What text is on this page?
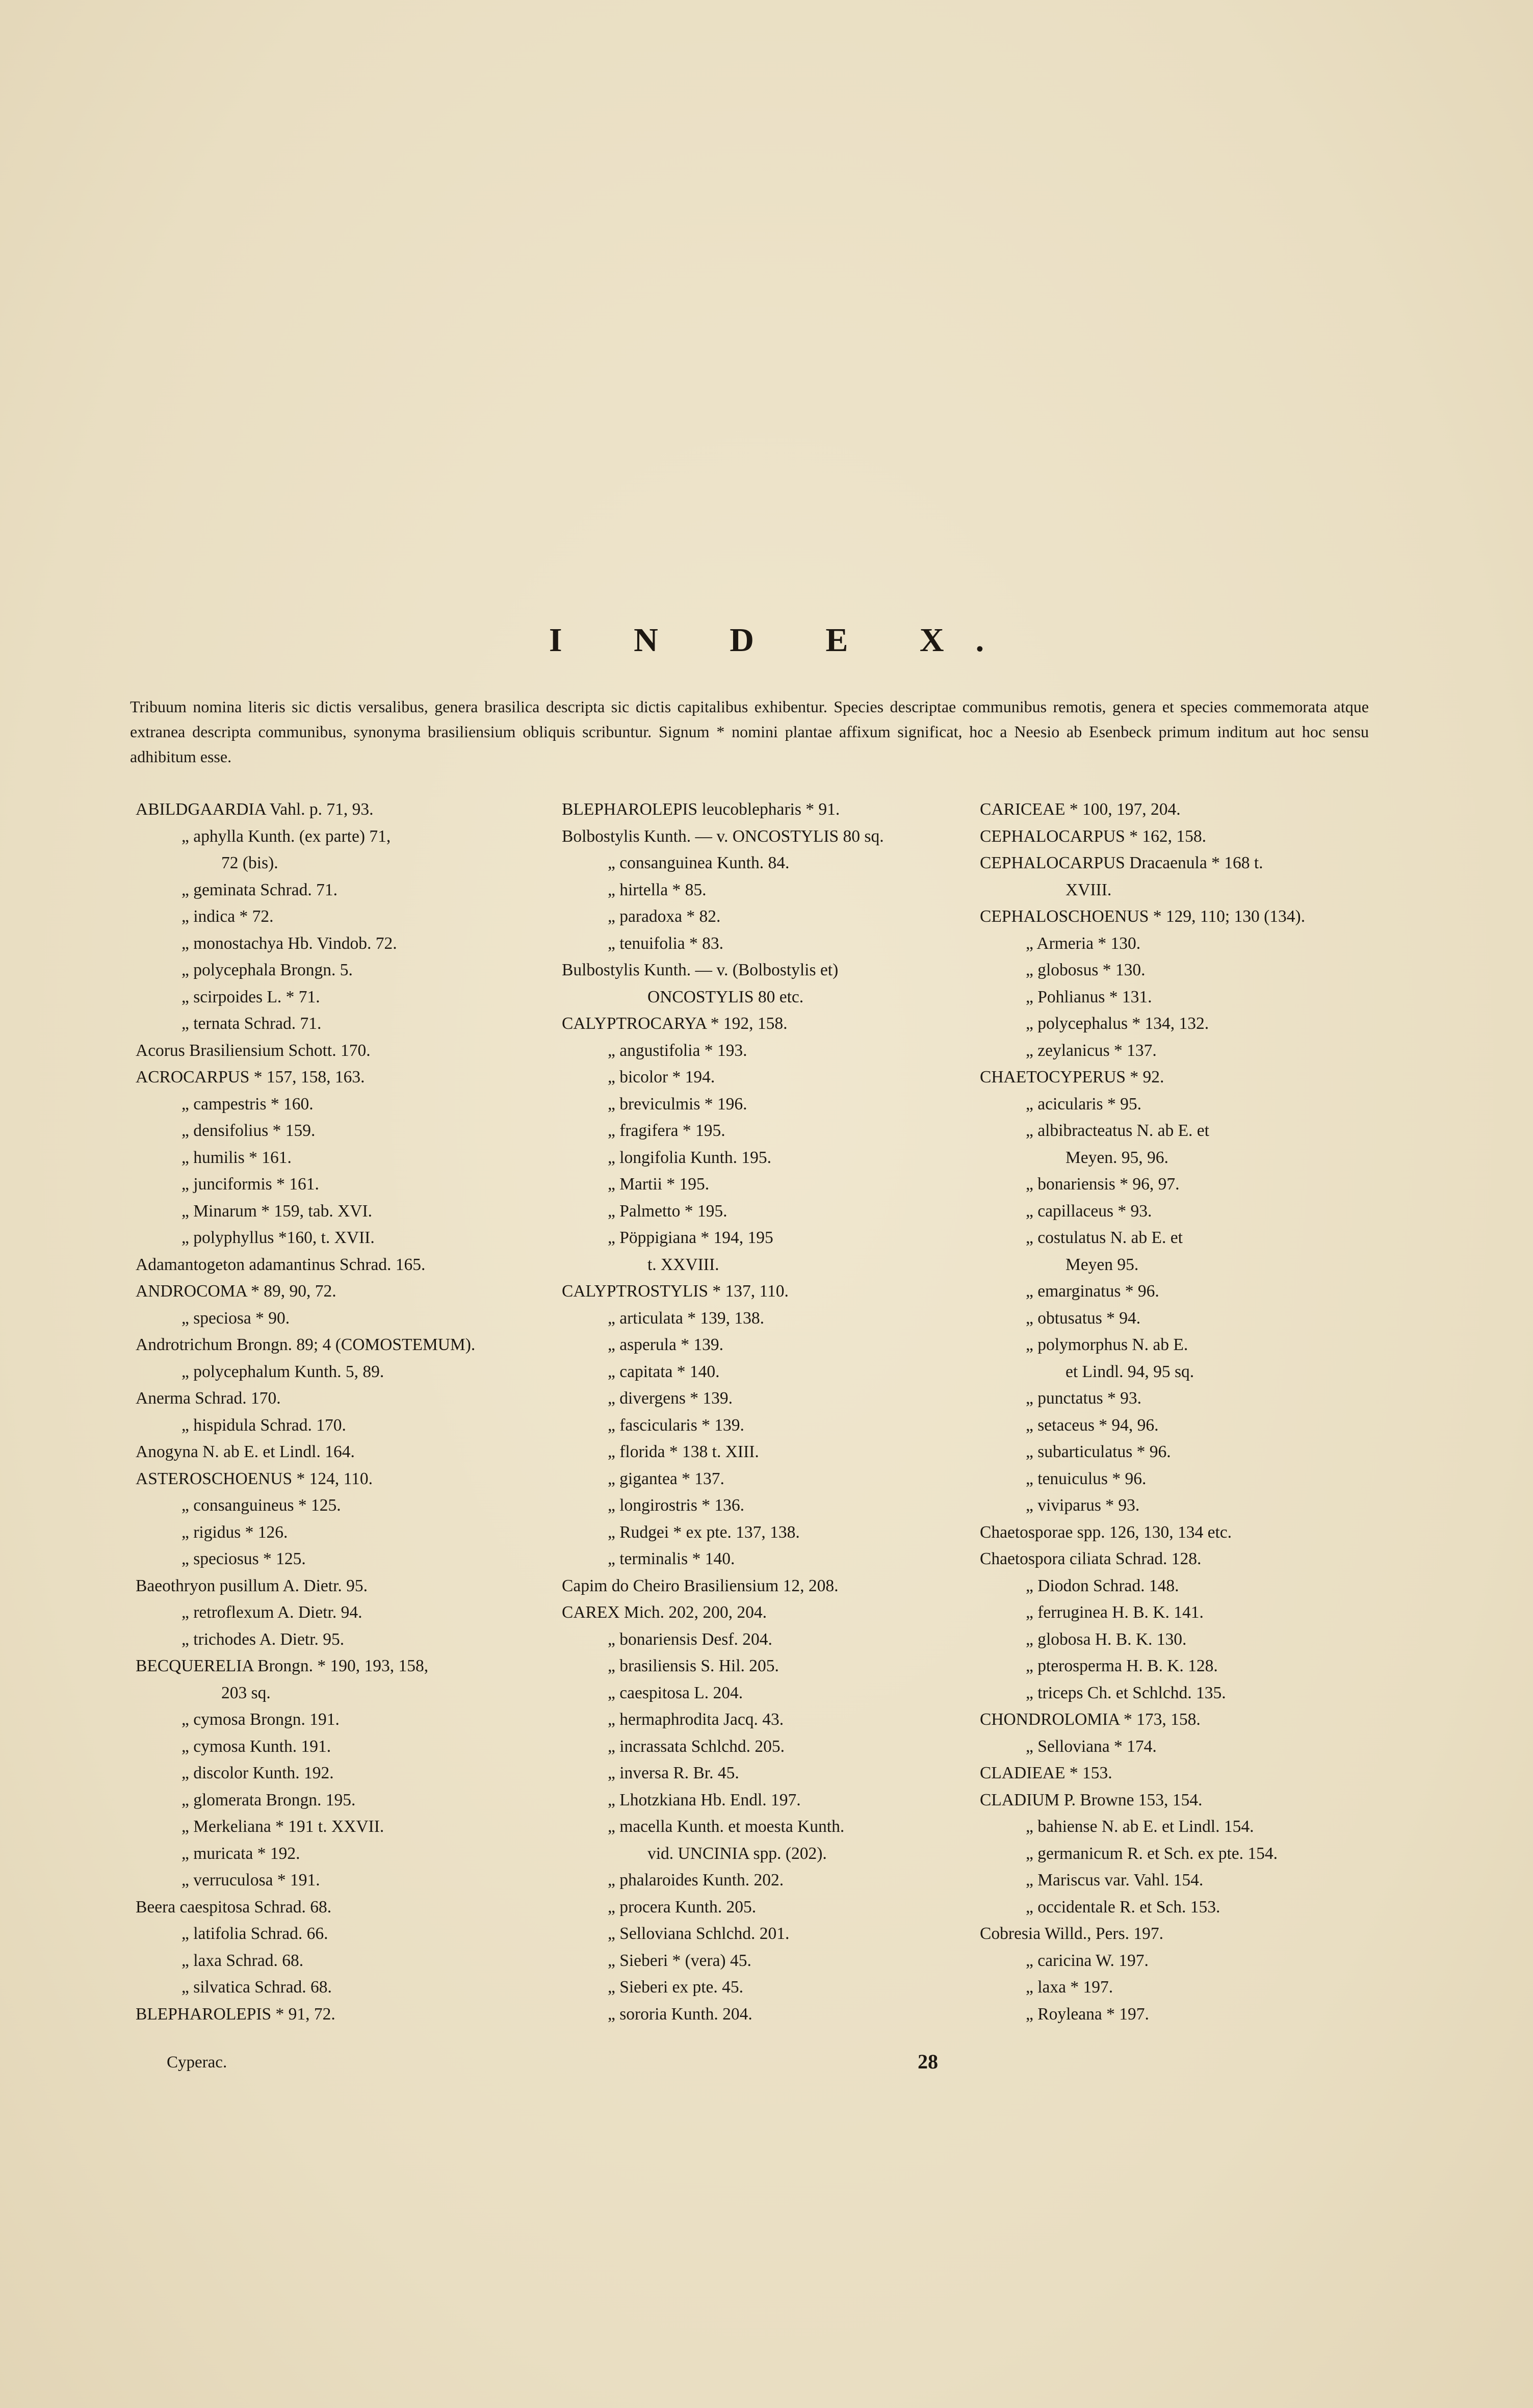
I N D E X.
Tribuum nomina literis sic dictis versalibus, genera brasilica descripta sic dictis capitalibus exhibentur. Species descriptae communibus remotis, genera et species commemorata atque extranea descripta communibus, synonyma brasiliensium obliquis scribuntur. Signum * nomini plantae affixum significat, hoc a Neesio ab Esenbeck primum inditum aut hoc sensu adhibitum esse.
ABILDGAARDIA Vahl. p. 71, 93.
„ aphylla Kunth. (ex parte) 71,
72 (bis).
„ geminata Schrad. 71.
„ indica * 72.
„ monostachya Hb. Vindob. 72.
„ polycephala Brongn. 5.
„ scirpoides L. * 71.
„ ternata Schrad. 71.
Acorus Brasiliensium Schott. 170.
ACROCARPUS * 157, 158, 163.
„ campestris * 160.
„ densifolius * 159.
„ humilis * 161.
„ junciformis * 161.
„ Minarum * 159, tab. XVI.
„ polyphyllus *160, t. XVII.
Adamantogeton adamantinus Schrad. 165.
ANDROCOMA * 89, 90, 72.
„ speciosa * 90.
Androtrichum Brongn. 89; 4 (COMOSTEMUM).
„ polycephalum Kunth. 5, 89.
Anerma Schrad. 170.
„ hispidula Schrad. 170.
Anogyna N. ab E. et Lindl. 164.
ASTEROSCHOENUS * 124, 110.
„ consanguineus * 125.
„ rigidus * 126.
„ speciosus * 125.
Baeothryon pusillum A. Dietr. 95.
„ retroflexum A. Dietr. 94.
„ trichodes A. Dietr. 95.
BECQUERELIA Brongn. * 190, 193, 158,
203 sq.
„ cymosa Brongn. 191.
„ cymosa Kunth. 191.
„ discolor Kunth. 192.
„ glomerata Brongn. 195.
„ Merkeliana * 191 t. XXVII.
„ muricata * 192.
„ verruculosa * 191.
Beera caespitosa Schrad. 68.
„ latifolia Schrad. 66.
„ laxa Schrad. 68.
„ silvatica Schrad. 68.
BLEPHAROLEPIS * 91, 72.
BLEPHAROLEPIS leucoblepharis * 91.
Bolbostylis Kunth. — v. ONCOSTYLIS 80 sq.
„ consanguinea Kunth. 84.
„ hirtella * 85.
„ paradoxa * 82.
„ tenuifolia * 83.
Bulbostylis Kunth. — v. (Bolbostylis et)
ONCOSTYLIS 80 etc.
CALYPTROCARYA * 192, 158.
„ angustifolia * 193.
„ bicolor * 194.
„ breviculmis * 196.
„ fragifera * 195.
„ longifolia Kunth. 195.
„ Martii * 195.
„ Palmetto * 195.
„ Pöppigiana * 194, 195
t. XXVIII.
CALYPTROSTYLIS * 137, 110.
„ articulata * 139, 138.
„ asperula * 139.
„ capitata * 140.
„ divergens * 139.
„ fascicularis * 139.
„ florida * 138 t. XIII.
„ gigantea * 137.
„ longirostris * 136.
„ Rudgei * ex pte. 137, 138.
„ terminalis * 140.
Capim do Cheiro Brasiliensium 12, 208.
CAREX Mich. 202, 200, 204.
„ bonariensis Desf. 204.
„ brasiliensis S. Hil. 205.
„ caespitosa L. 204.
„ hermaphrodita Jacq. 43.
„ incrassata Schlchd. 205.
„ inversa R. Br. 45.
„ Lhotzkiana Hb. Endl. 197.
„ macella Kunth. et moesta Kunth.
vid. UNCINIA spp. (202).
„ phalaroides Kunth. 202.
„ procera Kunth. 205.
„ Selloviana Schlchd. 201.
„ Sieberi * (vera) 45.
„ Sieberi ex pte. 45.
„ sororia Kunth. 204.
CARICEAE * 100, 197, 204.
CEPHALOCARPUS * 162, 158.
CEPHALOCARPUS Dracaenula * 168 t.
XVIII.
CEPHALOSCHOENUS * 129, 110; 130 (134).
„ Armeria * 130.
„ globosus * 130.
„ Pohlianus * 131.
„ polycephalus * 134, 132.
„ zeylanicus * 137.
CHAETOCYPERUS * 92.
„ acicularis * 95.
„ albibracteatus N. ab E. et
Meyen. 95, 96.
„ bonariensis * 96, 97.
„ capillaceus * 93.
„ costulatus N. ab E. et
Meyen 95.
„ emarginatus * 96.
„ obtusatus * 94.
„ polymorphus N. ab E.
et Lindl. 94, 95 sq.
„ punctatus * 93.
„ setaceus * 94, 96.
„ subarticulatus * 96.
„ tenuiculus * 96.
„ viviparus * 93.
Chaetosporae spp. 126, 130, 134 etc.
Chaetospora ciliata Schrad. 128.
„ Diodon Schrad. 148.
„ ferruginea H. B. K. 141.
„ globosa H. B. K. 130.
„ pterosperma H. B. K. 128.
„ triceps Ch. et Schlchd. 135.
CHONDROLOMIA * 173, 158.
„ Selloviana * 174.
CLADIEAE * 153.
CLADIUM P. Browne 153, 154.
„ bahiense N. ab E. et Lindl. 154.
„ germanicum R. et Sch. ex pte. 154.
„ Mariscus var. Vahl. 154.
„ occidentale R. et Sch. 153.
Cobresia Willd., Pers. 197.
„ caricina W. 197.
„ laxa * 197.
„ Royleana * 197.
Cyperac.	28
